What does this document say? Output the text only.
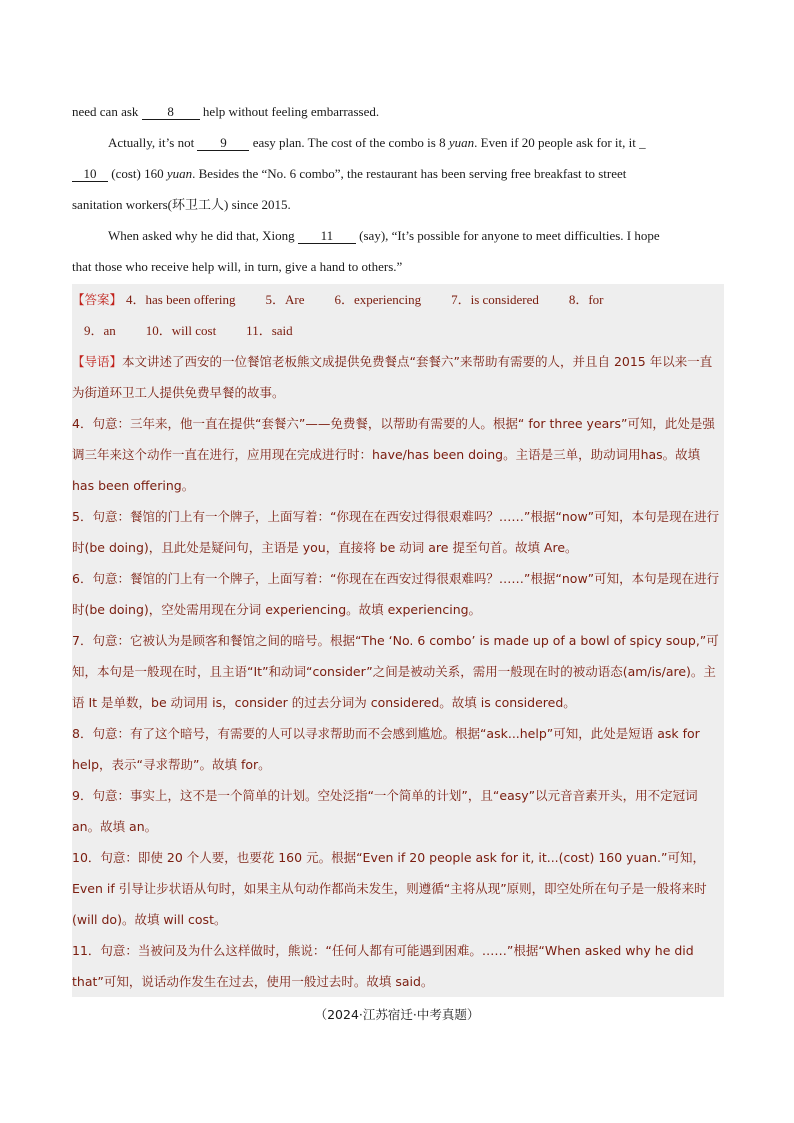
need can ask 8 help without feeling embarrassed.
Actually, it’s not 9 easy plan. The cost of the combo is 8 yuan. Even if 20 people ask for it, it _
10 (cost) 160 yuan. Besides the “No. 6 combo”, the restaurant has been serving free breakfast to street
sanitation workers(环卫工人) since 2015.
When asked why he did that, Xiong 11 (say), “It’s possible for anyone to meet difficulties. I hope
that those who receive help will, in turn, give a hand to others.”
【答案】 4．has been offering 5．Are 6．experiencing 7．is considered 8．for
9．an 10．will cost 11．said
【导语】本文讲述了西安的一位餐馆老板熊文成提供免费餐点“套餐六”来帮助有需要的人，并且自 2015 年以来一直为街道环卫工人提供免费早餐的故事。
4．句意：三年来，他一直在提供“套餐六”——免费餐，以帮助有需要的人。根据“ for three years”可知，此处是强调三年来这个动作一直在进行，应用现在完成进行时：have/has been doing。主语是三单，助动词用has。故填 has been offering。
5．句意：餐馆的门上有一个牌子，上面写着：“你现在在西安过得很艰难吗？……”根据“now”可知，本句是现在进行时(be doing)，且此处是疑问句，主语是 you，直接将 be 动词 are 提至句首。故填 Are。
6．句意：餐馆的门上有一个牌子，上面写着：“你现在在西安过得很艰难吗？……”根据“now”可知，本句是现在进行时(be doing)，空处需用现在分词 experiencing。故填 experiencing。
7．句意：它被认为是顾客和餐馆之间的暗号。根据“The ‘No. 6 combo’ is made up of a bowl of spicy soup,”可知，本句是一般现在时，且主语“It”和动词“consider”之间是被动关系，需用一般现在时的被动语态(am/is/are)。主语 It 是单数，be 动词用 is，consider 的过去分词为 considered。故填 is considered。
8．句意：有了这个暗号，有需要的人可以寻求帮助而不会感到尴尬。根据“ask...help”可知，此处是短语 ask for help，表示“寻求帮助”。故填 for。
9．句意：事实上，这不是一个简单的计划。空处泛指“一个简单的计划”，且“easy”以元音音素开头，用不定冠词 an。故填 an。
10．句意：即使 20 个人要，也要花 160 元。根据“Even if 20 people ask for it, it...(cost) 160 yuan.”可知，Even if 引导让步状语从句时，如果主从句动作都尚未发生，则遵循“主将从现”原则，即空处所在句子是一般将来时(will do)。故填 will cost。
11．句意：当被问及为什么这样做时，熊说：“任何人都有可能遇到困难。……”根据“When asked why he did that”可知，说话动作发生在过去，使用一般过去时。故填 said。
（2024·江苏宿迁·中考真题）
